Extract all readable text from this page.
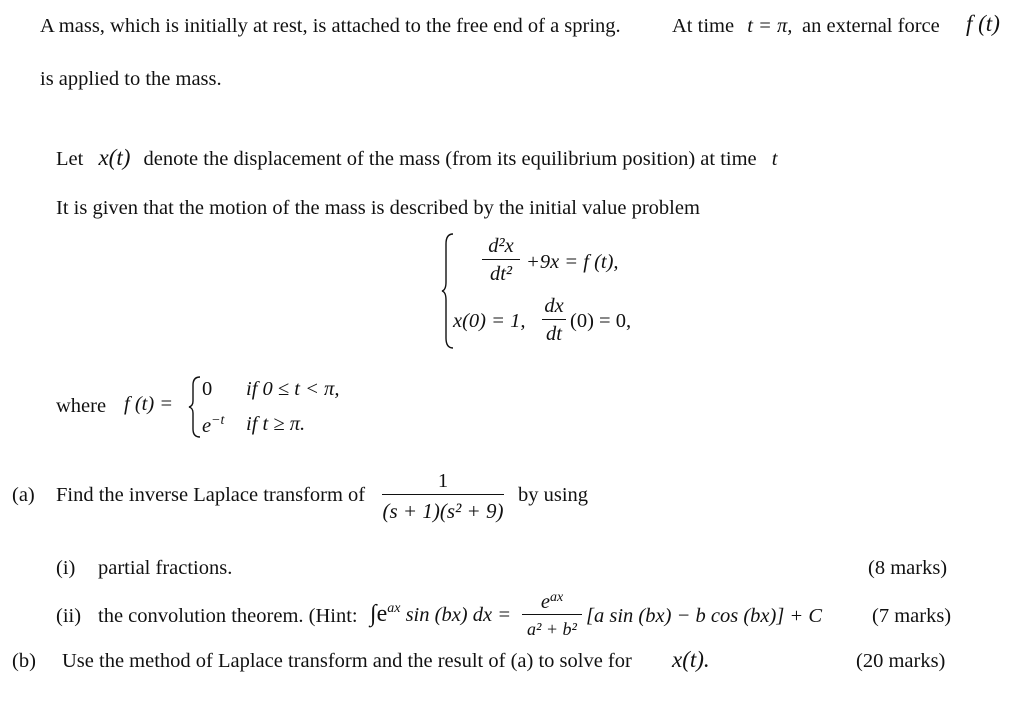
A mass, which is initially at rest, is attached to the free end of a spring.	At time t = π, an external force f (t)
is applied to the mass.
Let x(t) denote the displacement of the mass (from its equilibrium position) at time t
It is given that the motion of the mass is described by the initial value problem
d²x
dt²
+9x = f (t),
x(0) = 1,
dx
dt
(0) = 0,
where f (t) =
0 if 0 ≤ t < π,
$e^{-t}$ if t ≥ π.
(a) Find the inverse Laplace transform of
1
(s + 1)(s² + 9)
by using
(i) partial fractions.	(8 marks)
(ii) the convolution theorem. (Hint: $\int e^{ax}$ sin (bx) dx =
$e^{ax}$
a² + b²
[a sin (bx) − b cos (bx)] + C (7 marks)
(b) Use the method of Laplace transform and the result of (a) to solve for x(t).	(20 marks)
